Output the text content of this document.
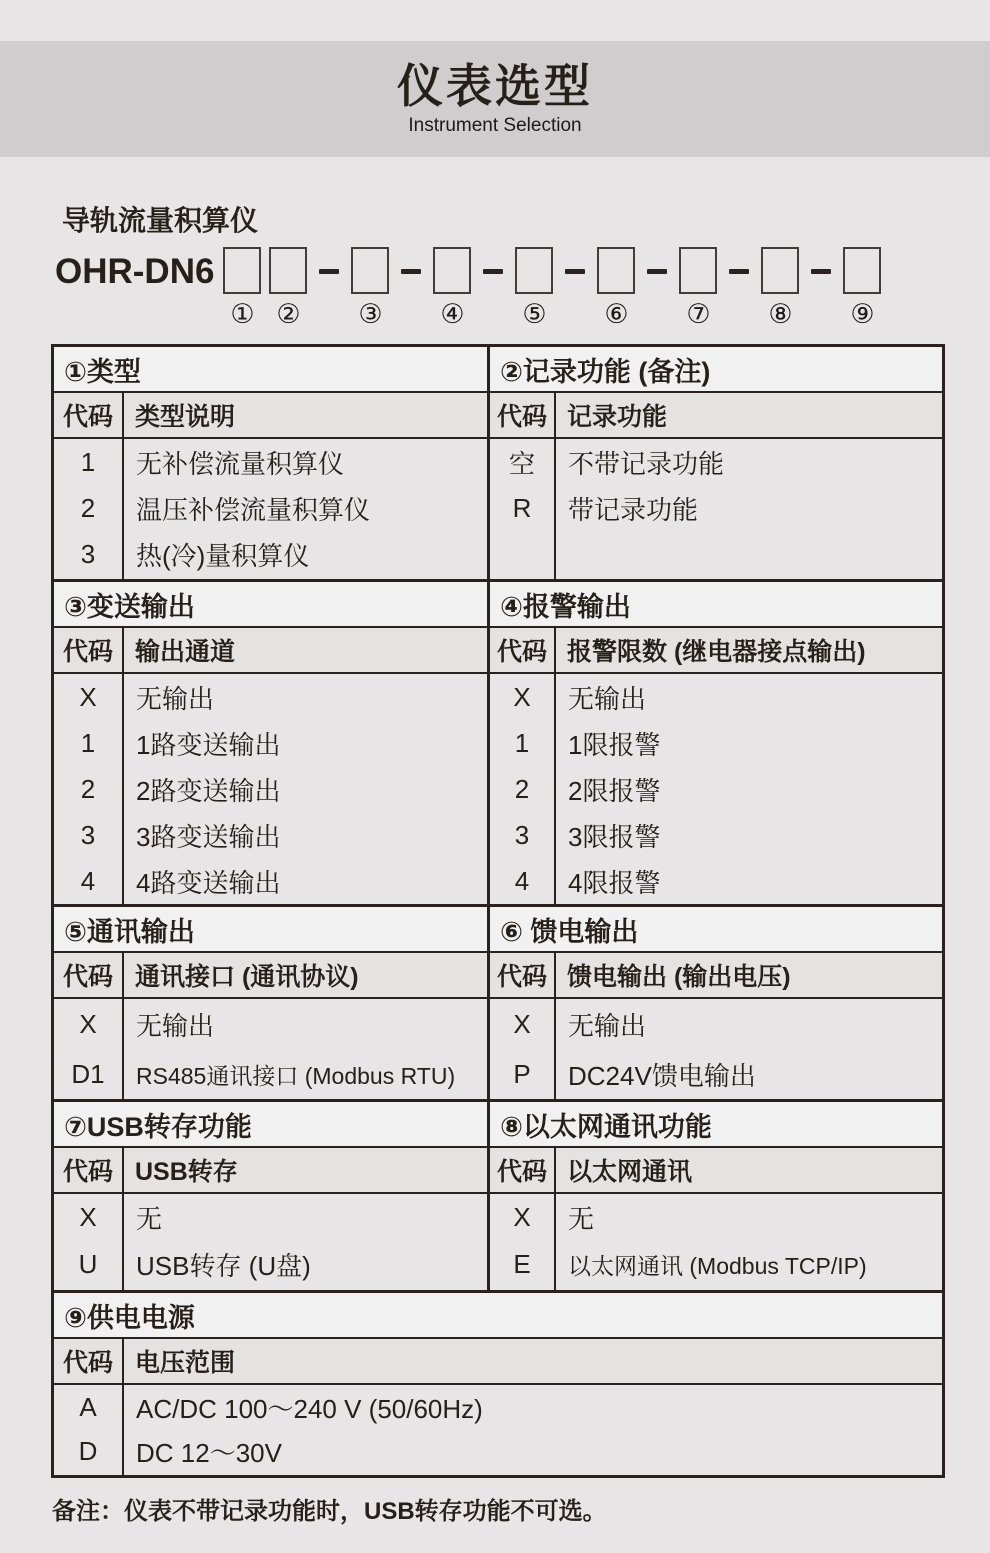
仪表选型
Instrument Selection
导轨流量积算仪
OHR-DN6
① ② ③ ④ ⑤ ⑥ ⑦ ⑧ ⑨
①类型
代码 类型说明
1
2
3
无补偿流量积算仪
温压补偿流量积算仪
热(冷)量积算仪
②记录功能 (备注)
代码 记录功能
空
R
不带记录功能
带记录功能
③变送输出
代码 输出通道
X
1
2
3
4
无输出
1路变送输出
2路变送输出
3路变送输出
4路变送输出
④报警输出
代码 报警限数 (继电器接点输出)
X
1
2
3
4
无输出
1限报警
2限报警
3限报警
4限报警
⑤通讯输出
代码 通讯接口 (通讯协议)
X
D1
无输出
RS485通讯接口 (Modbus RTU)
⑥ 馈电输出
代码 馈电输出 (输出电压)
X
P
无输出
DC24V馈电输出
⑦USB转存功能
代码 USB转存
X
U
无
USB转存 (U盘)
⑧以太网通讯功能
代码 以太网通讯
X
E
无
以太网通讯 (Modbus TCP/IP)
⑨供电电源
代码 电压范围
A
D
AC/DC 100～240 V (50/60Hz)
DC 12～30V
备注：仪表不带记录功能时，USB转存功能不可选。
